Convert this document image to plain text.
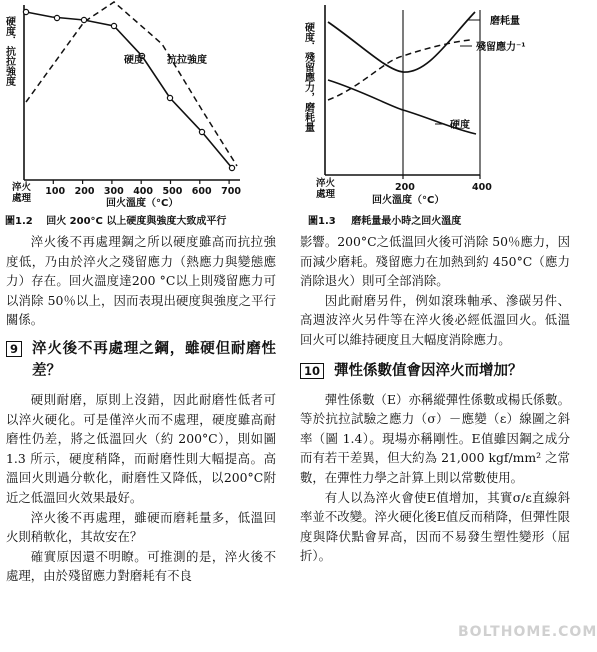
硬度．抗拉強度
淬火處理
100 200 300 400 500 600 700
回火溫度（°C）
硬度 抗拉強度
圖1.2 回火 200°C 以上硬度與強度大致成平行
硬度．殘留應力，磨耗量
磨耗量
殘留應力⁻¹
硬度
淬火處理
200	400
回火溫度（°C）
圖1.3 磨耗量最小時之回火溫度

淬火後不再處理鋼之所以硬度雖高而抗拉強度低，乃由於淬火之殘留應力（熱應力與變態應力）存在。回火溫度達200 °C以上則殘留應力可以消除 50％以上，因而表現出硬度與強度之平行關係。

9 淬火後不再處理之鋼，雖硬但耐磨性差？

硬則耐磨，原則上沒錯，因此耐磨性低者可以淬火硬化。可是僅淬火而不處理，硬度雖高耐磨性仍差，將之低溫回火（約 200°C），則如圖 1.3 所示，硬度稍降，而耐磨性則大幅提高。高溫回火則過分軟化，耐磨性又降低，以200°C附近之低溫回火效果最好。

淬火後不再處理，雖硬而磨耗量多，低溫回火則稍軟化，其故安在？

確實原因還不明瞭。可推測的是，淬火後不處理，由於殘留應力對磨耗有不良

影響。200°C之低溫回火後可消除 50％應力，因而減少磨耗。殘留應力在加熱到約 450°C（應力消除退火）則可全部消除。

因此耐磨另件，例如滾珠軸承、滲碳另件、高週波淬火另件等在淬火後必經低溫回火。低溫回火可以維持硬度且大幅度消除應力。

10 彈性係數值會因淬火而增加？

彈性係數（E）亦稱縱彈性係數或楊氏係數。等於抗拉試驗之應力（σ）－應變（ε）線圖之斜率（圖 1.4）。現場亦稱剛性。E值雖因鋼之成分而有若干差異，但大約為 21,000 kgf/mm² 之常數，在彈性力學之計算上則以常數使用。

有人以為淬火會使E值增加，其實σ/ε直線斜率並不改變。淬火硬化後E值反而稍降，但彈性限度與降伏點會昇高，因而不易發生塑性變形（屈折）。

BOLTHOME.COM
